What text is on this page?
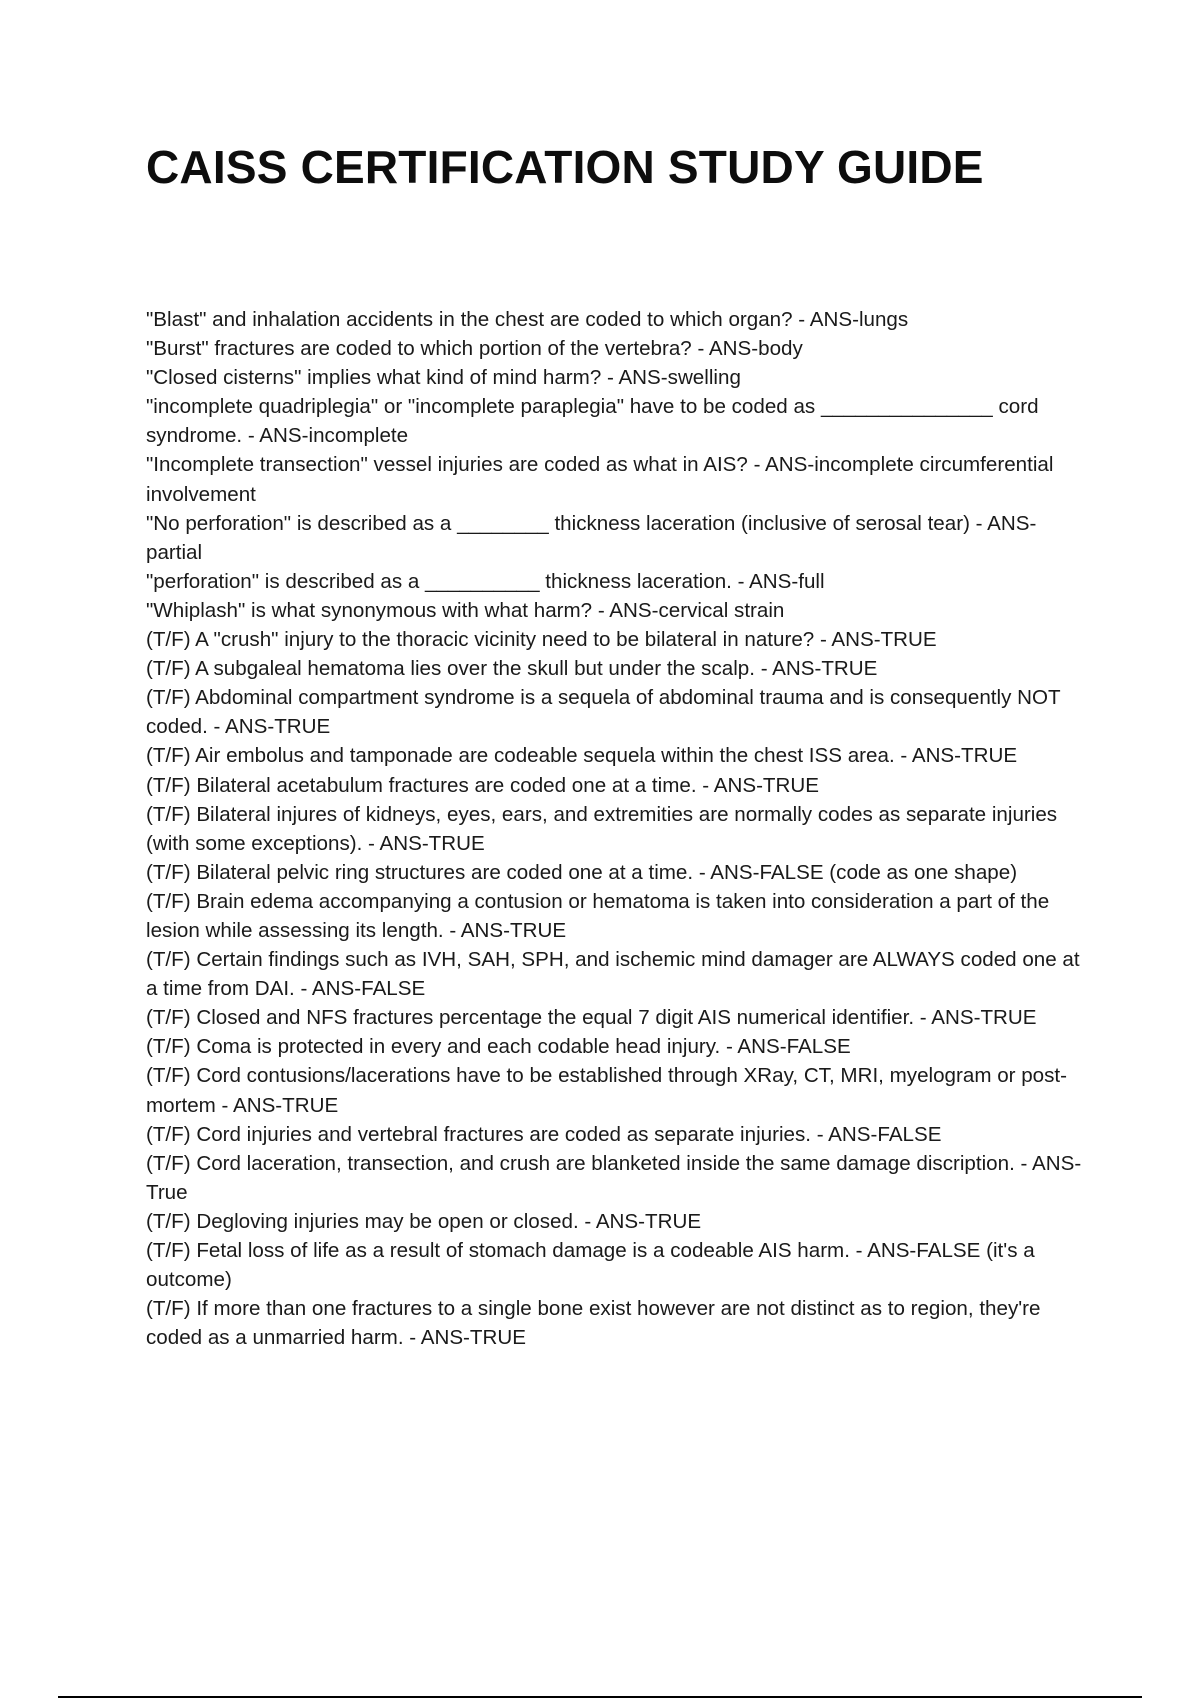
CAISS CERTIFICATION STUDY GUIDE
"Blast" and inhalation accidents in the chest are coded to which organ? - ANS-lungs
"Burst" fractures are coded to which portion of the vertebra? - ANS-body
"Closed cisterns" implies what kind of mind harm? - ANS-swelling
"incomplete quadriplegia" or "incomplete paraplegia" have to be coded as _______________ cord syndrome. - ANS-incomplete
"Incomplete transection" vessel injuries are coded as what in AIS? - ANS-incomplete circumferential involvement
"No perforation" is described as a ________ thickness laceration (inclusive of serosal tear) - ANS-partial
"perforation" is described as a __________ thickness laceration. - ANS-full
"Whiplash" is what synonymous with what harm? - ANS-cervical strain
(T/F) A "crush" injury to the thoracic vicinity need to be bilateral in nature? - ANS-TRUE
(T/F) A subgaleal hematoma lies over the skull but under the scalp. - ANS-TRUE
(T/F) Abdominal compartment syndrome is a sequela of abdominal trauma and is consequently NOT coded. - ANS-TRUE
(T/F) Air embolus and tamponade are codeable sequela within the chest ISS area. - ANS-TRUE
(T/F) Bilateral acetabulum fractures are coded one at a time. - ANS-TRUE
(T/F) Bilateral injures of kidneys, eyes, ears, and extremities are normally codes as separate injuries (with some exceptions). - ANS-TRUE
(T/F) Bilateral pelvic ring structures are coded one at a time. - ANS-FALSE (code as one shape)
(T/F) Brain edema accompanying a contusion or hematoma is taken into consideration a part of the lesion while assessing its length. - ANS-TRUE
(T/F) Certain findings such as IVH, SAH, SPH, and ischemic mind damager are ALWAYS coded one at a time from DAI. - ANS-FALSE
(T/F) Closed and NFS fractures percentage the equal 7 digit AIS numerical identifier. - ANS-TRUE
(T/F) Coma is protected in every and each codable head injury. - ANS-FALSE
(T/F) Cord contusions/lacerations have to be established through XRay, CT, MRI, myelogram or post-mortem - ANS-TRUE
(T/F) Cord injuries and vertebral fractures are coded as separate injuries. - ANS-FALSE
(T/F) Cord laceration, transection, and crush are blanketed inside the same damage discription. - ANS-True
(T/F) Degloving injuries may be open or closed. - ANS-TRUE
(T/F) Fetal loss of life as a result of stomach damage is a codeable AIS harm. - ANS-FALSE (it's a outcome)
(T/F) If more than one fractures to a single bone exist however are not distinct as to region, they're coded as a unmarried harm. - ANS-TRUE
